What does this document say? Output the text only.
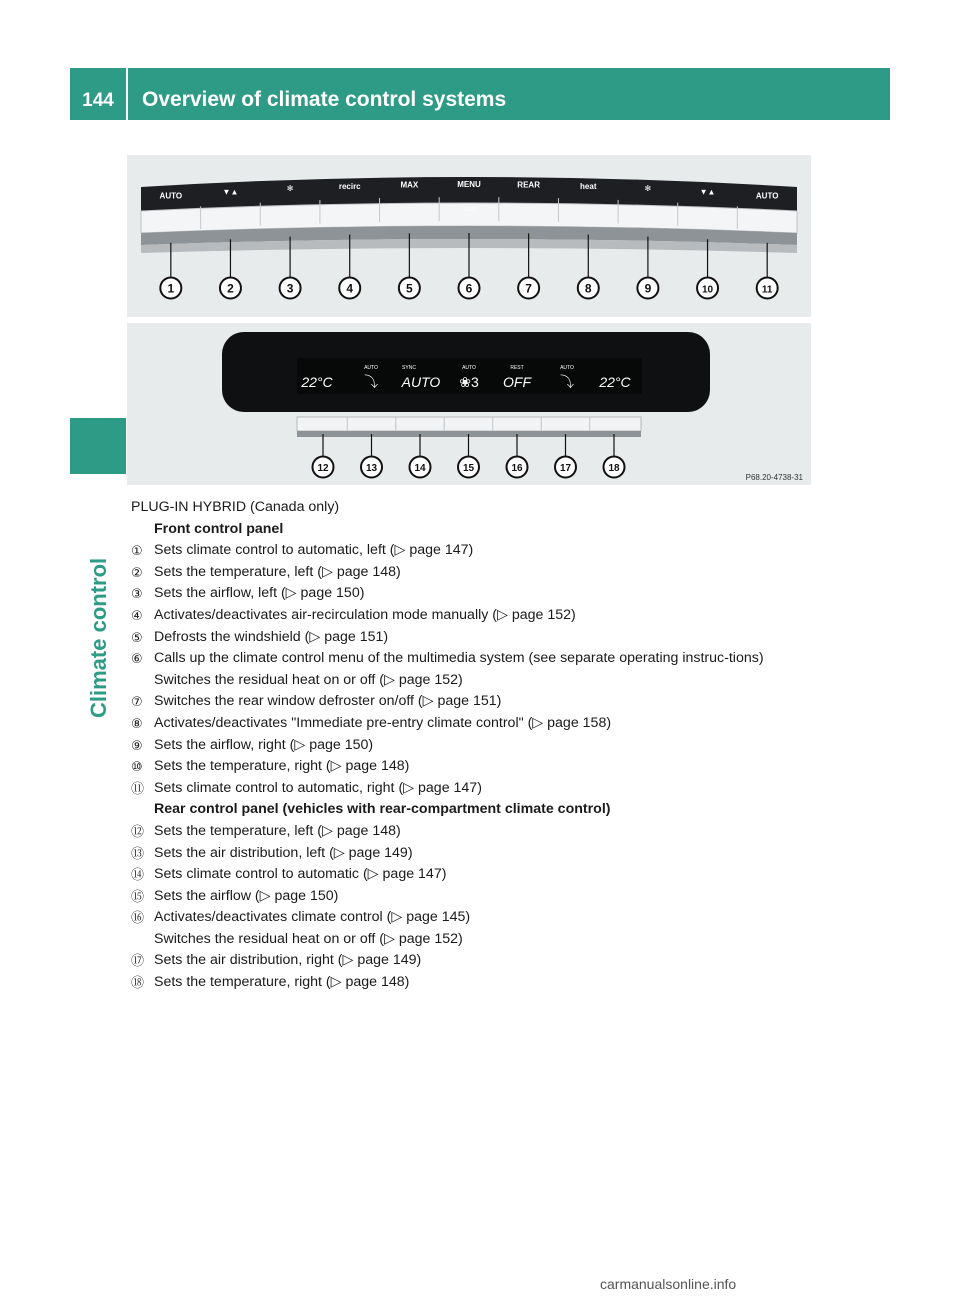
144	Overview of climate control systems
Climate control
AUTO	▼▲	✻	recirc	MAX	MENU	REAR	heat	✻	▼▲	AUTO
REST
1	2	3	4	5	6	7	8	9	10	11
AUTO	SYNC	AUTO	REST	AUTO
22°C ⤵ AUTO ❀3 OFF ⤵ 22°C
12	13	14	15	16	17	18
P68.20-4738-31
PLUG-IN HYBRID (Canada only)
Front control panel
① Sets climate control to automatic, left (▷ page 147)
② Sets the temperature, left (▷ page 148)
③ Sets the airflow, left (▷ page 150)
④ Activates/deactivates air-recirculation mode manually (▷ page 152)
⑤ Defrosts the windshield (▷ page 151)
⑥ Calls up the climate control menu of the multimedia system (see separate operating instruc-tions)
Switches the residual heat on or off (▷ page 152)
⑦ Switches the rear window defroster on/off (▷ page 151)
⑧ Activates/deactivates "Immediate pre-entry climate control" (▷ page 158)
⑨ Sets the airflow, right (▷ page 150)
⑩ Sets the temperature, right (▷ page 148)
⑪ Sets climate control to automatic, right (▷ page 147)
Rear control panel (vehicles with rear-compartment climate control)
⑫ Sets the temperature, left (▷ page 148)
⑬ Sets the air distribution, left (▷ page 149)
⑭ Sets climate control to automatic (▷ page 147)
⑮ Sets the airflow (▷ page 150)
⑯ Activates/deactivates climate control (▷ page 145)
Switches the residual heat on or off (▷ page 152)
⑰ Sets the air distribution, right (▷ page 149)
⑱ Sets the temperature, right (▷ page 148)
carmanualsonline.info
